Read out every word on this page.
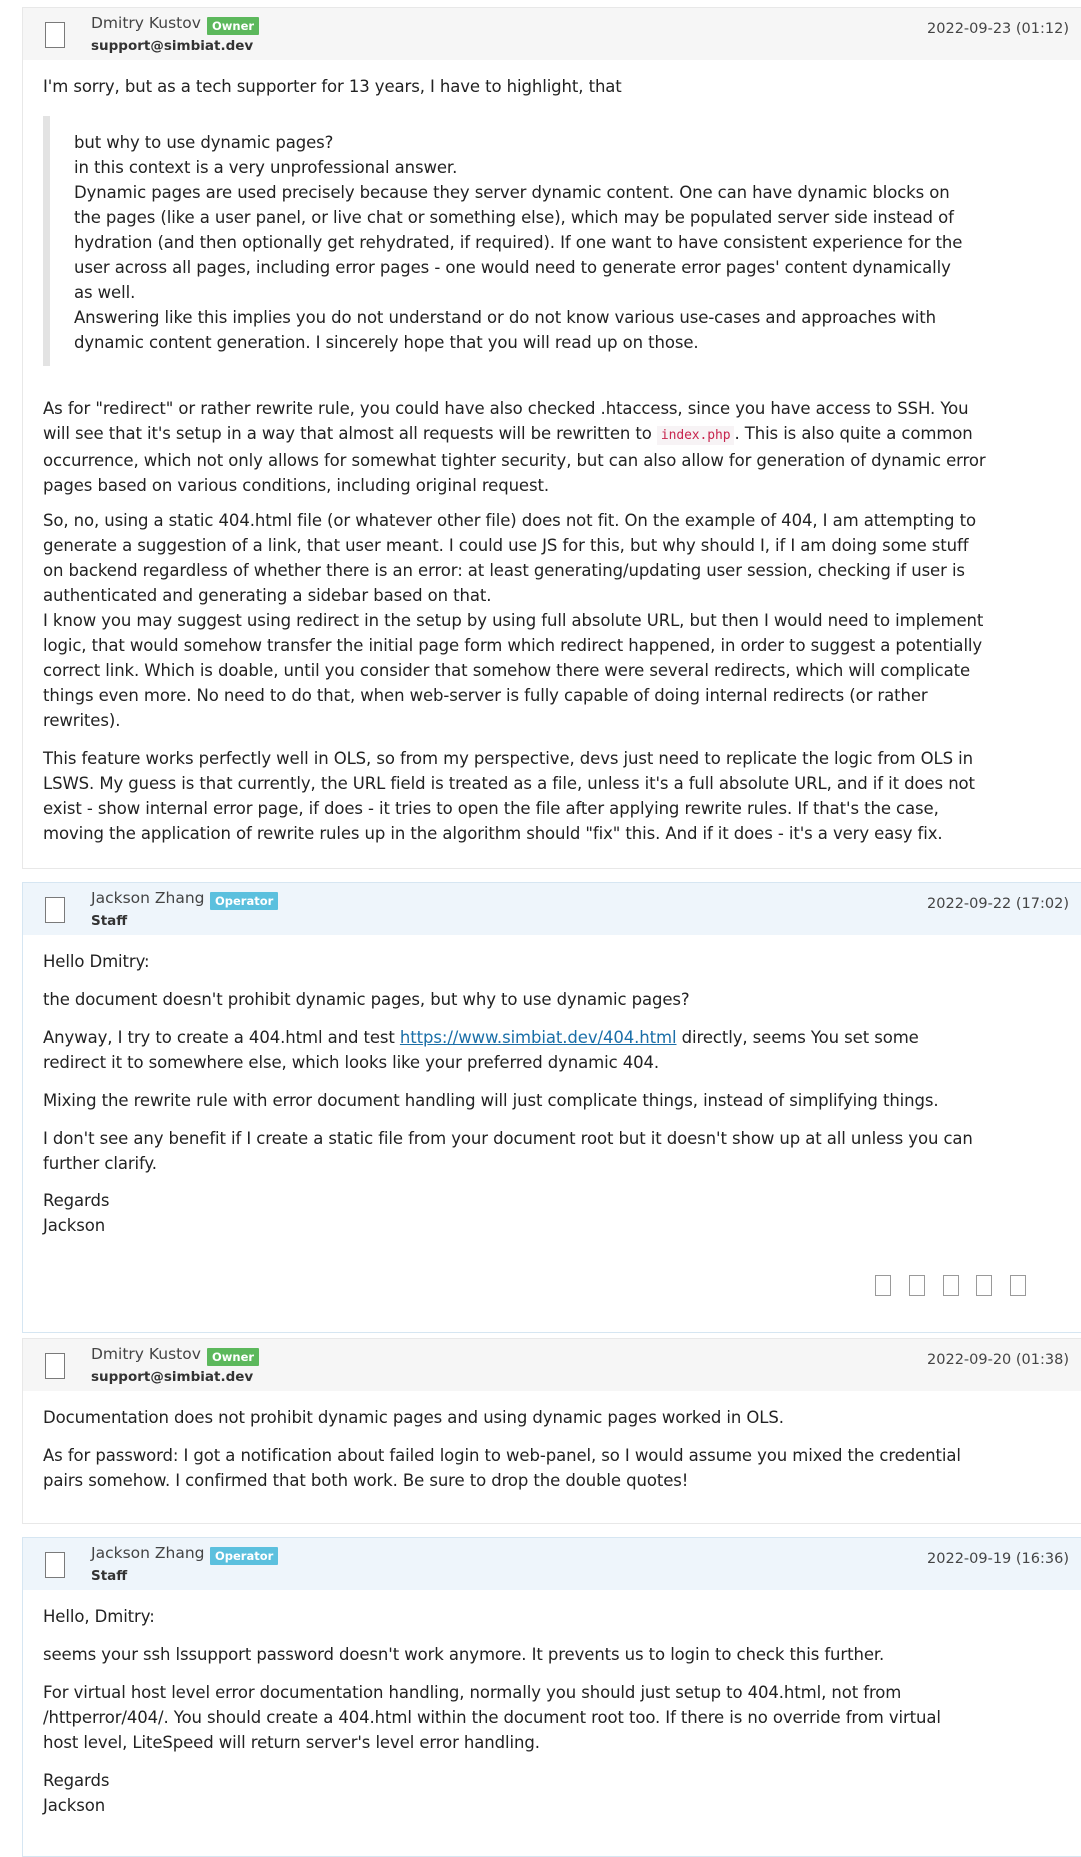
Dmitry Kustov Owner
support@simbiat.dev
2022-09-23 (01:12)

I'm sorry, but as a tech supporter for 13 years, I have to highlight, that

but why to use dynamic pages?
in this context is a very unprofessional answer.
Dynamic pages are used precisely because they server dynamic content. One can have dynamic blocks on
the pages (like a user panel, or live chat or something else), which may be populated server side instead of
hydration (and then optionally get rehydrated, if required). If one want to have consistent experience for the
user across all pages, including error pages - one would need to generate error pages' content dynamically
as well.
Answering like this implies you do not understand or do not know various use-cases and approaches with
dynamic content generation. I sincerely hope that you will read up on those.

As for "redirect" or rather rewrite rule, you could have also checked .htaccess, since you have access to SSH. You
will see that it's setup in a way that almost all requests will be rewritten to index.php . This is also quite a common
occurrence, which not only allows for somewhat tighter security, but can also allow for generation of dynamic error
pages based on various conditions, including original request.

So, no, using a static 404.html file (or whatever other file) does not fit. On the example of 404, I am attempting to
generate a suggestion of a link, that user meant. I could use JS for this, but why should I, if I am doing some stuff
on backend regardless of whether there is an error: at least generating/updating user session, checking if user is
authenticated and generating a sidebar based on that.
I know you may suggest using redirect in the setup by using full absolute URL, but then I would need to implement
logic, that would somehow transfer the initial page form which redirect happened, in order to suggest a potentially
correct link. Which is doable, until you consider that somehow there were several redirects, which will complicate
things even more. No need to do that, when web-server is fully capable of doing internal redirects (or rather
rewrites).

This feature works perfectly well in OLS, so from my perspective, devs just need to replicate the logic from OLS in
LSWS. My guess is that currently, the URL field is treated as a file, unless it's a full absolute URL, and if it does not
exist - show internal error page, if does - it tries to open the file after applying rewrite rules. If that's the case,
moving the application of rewrite rules up in the algorithm should "fix" this. And if it does - it's a very easy fix.

Jackson Zhang Operator
Staff
2022-09-22 (17:02)

Hello Dmitry:

the document doesn't prohibit dynamic pages, but why to use dynamic pages?

Anyway, I try to create a 404.html and test https://www.simbiat.dev/404.html directly, seems You set some
redirect it to somewhere else, which looks like your preferred dynamic 404.

Mixing the rewrite rule with error document handling will just complicate things, instead of simplifying things.

I don't see any benefit if I create a static file from your document root but it doesn't show up at all unless you can
further clarify.

Regards
Jackson

Dmitry Kustov Owner
support@simbiat.dev
2022-09-20 (01:38)

Documentation does not prohibit dynamic pages and using dynamic pages worked in OLS.

As for password: I got a notification about failed login to web-panel, so I would assume you mixed the credential
pairs somehow. I confirmed that both work. Be sure to drop the double quotes!

Jackson Zhang Operator
Staff
2022-09-19 (16:36)

Hello, Dmitry:

seems your ssh lssupport password doesn't work anymore. It prevents us to login to check this further.

For virtual host level error documentation handling, normally you should just setup to 404.html, not from
/httperror/404/. You should create a 404.html within the document root too. If there is no override from virtual
host level, LiteSpeed will return server's level error handling.

Regards
Jackson
